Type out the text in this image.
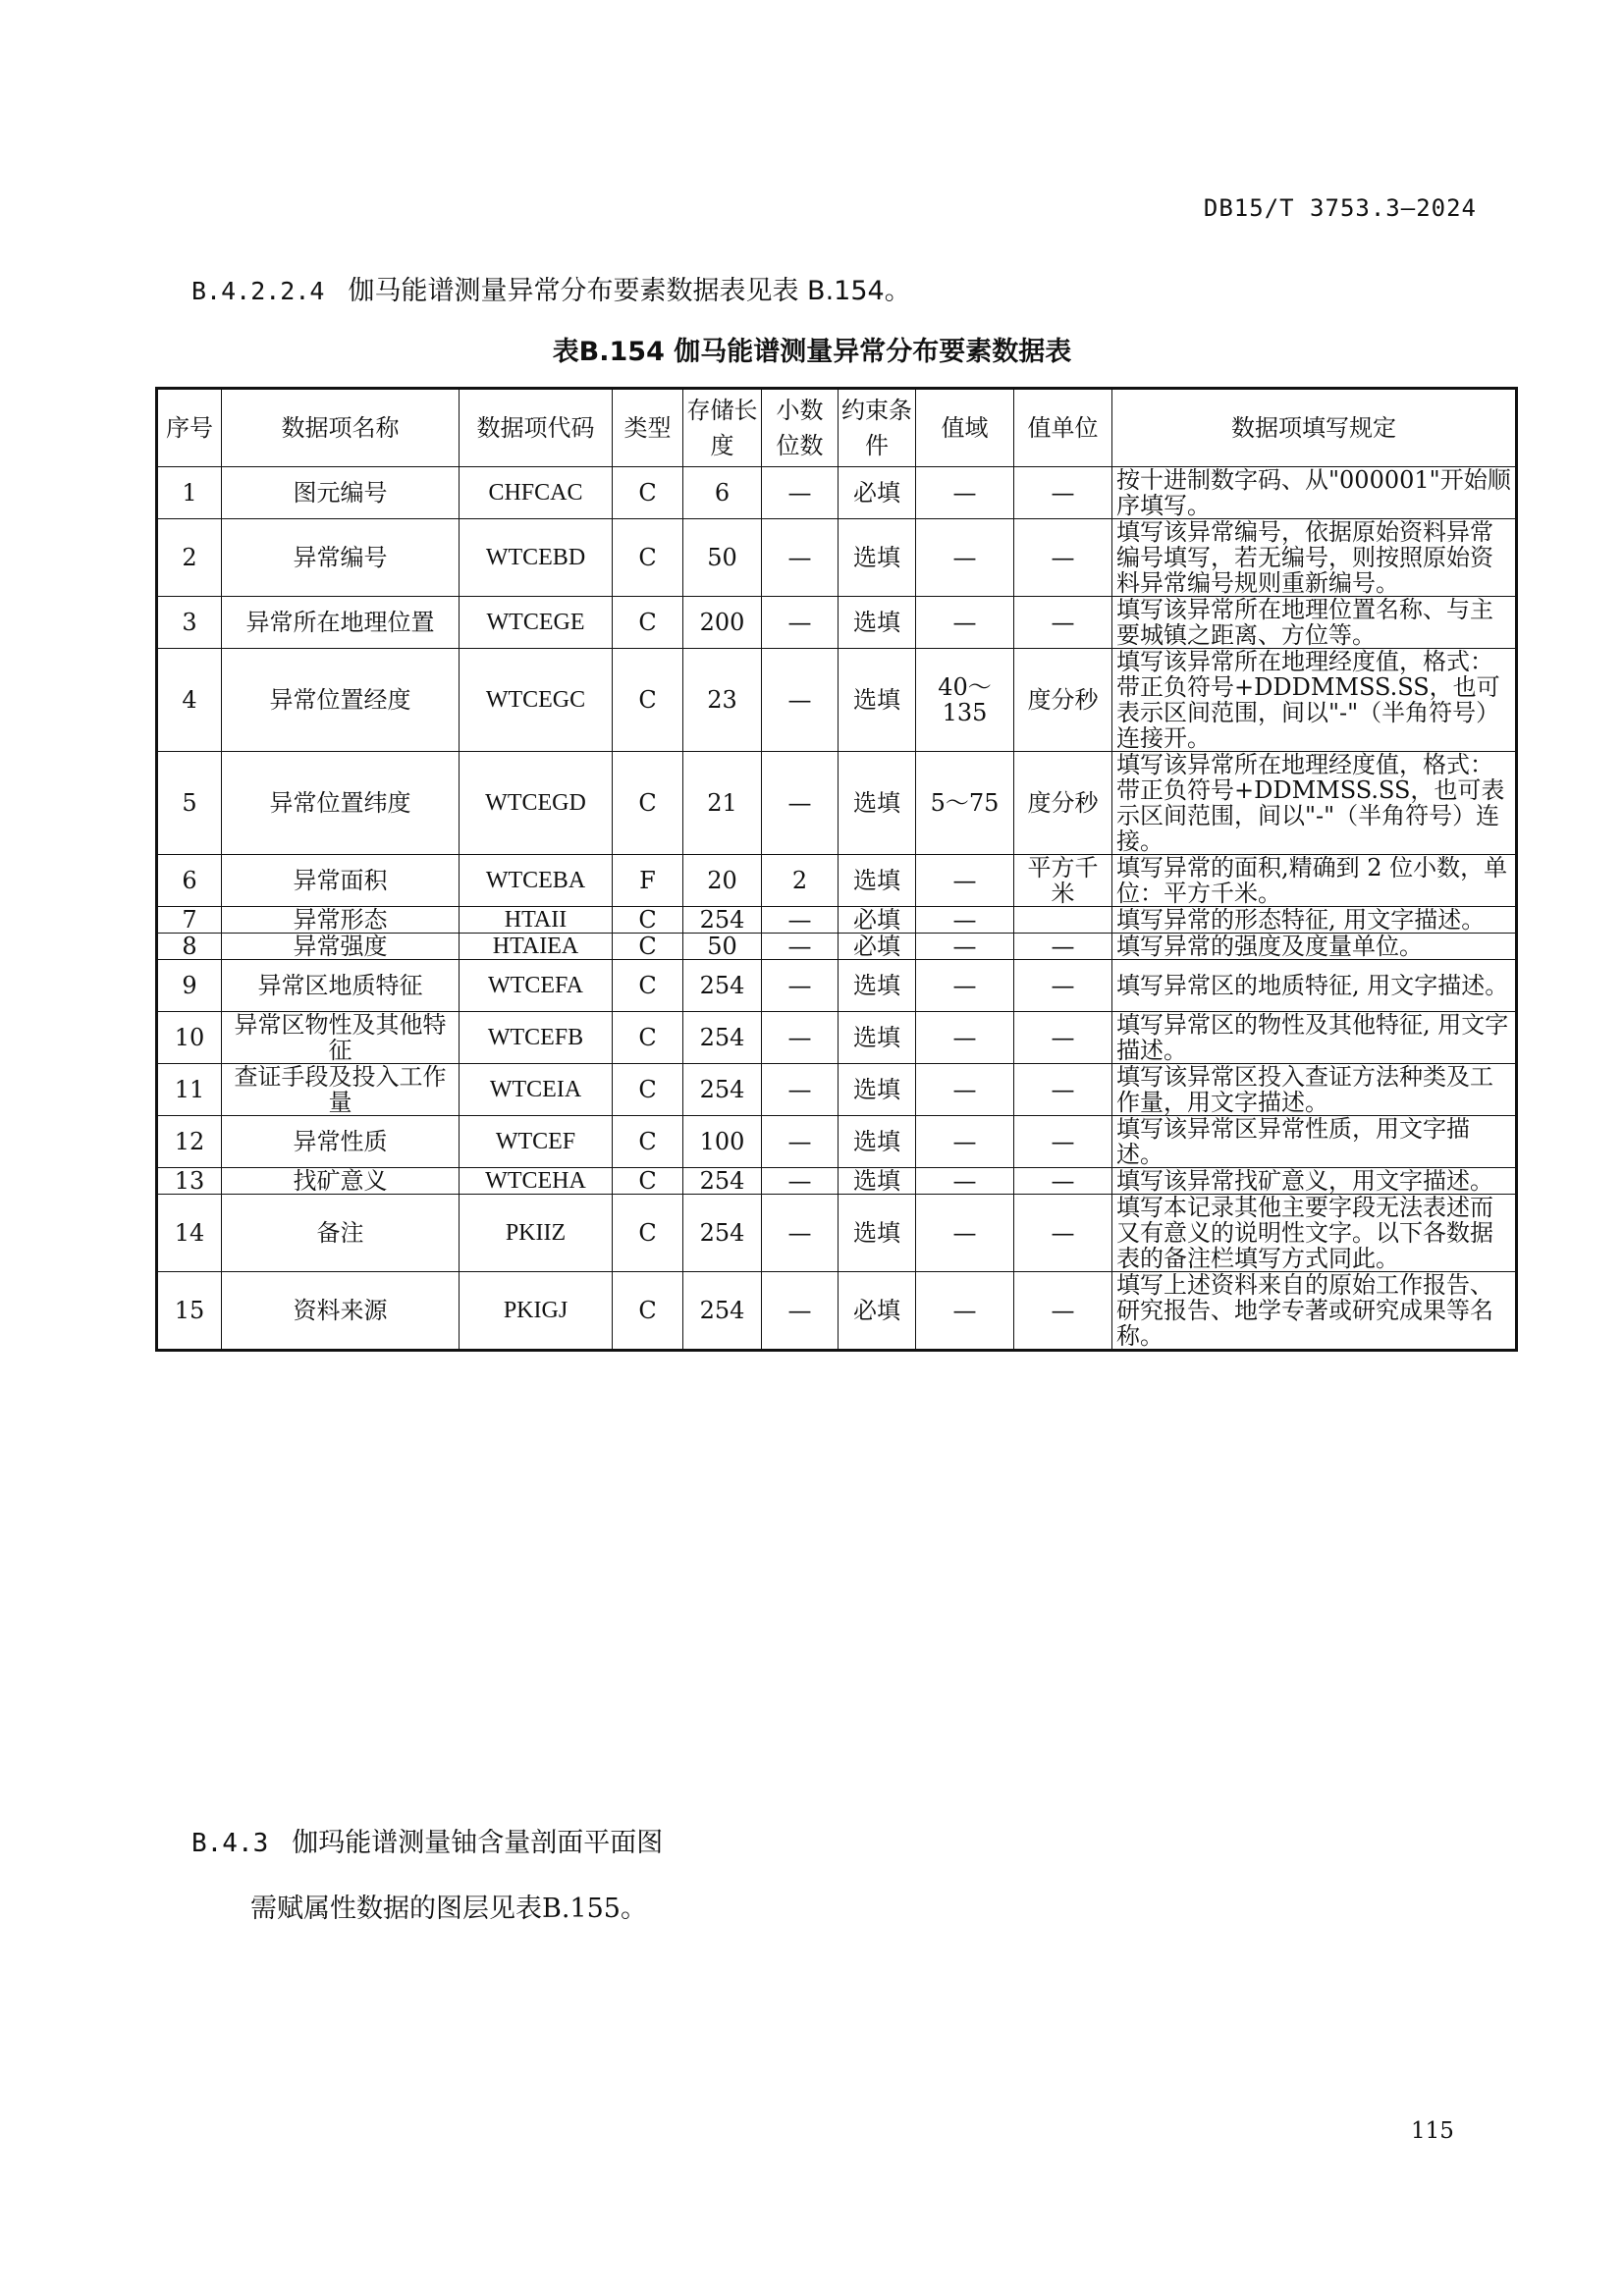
DB15/T 3753.3—2024
B.4.2.2.4 伽马能谱测量异常分布要素数据表见表 B.154。
表B.154 伽马能谱测量异常分布要素数据表
序号	数据项名称	数据项代码	类型	存储长度	小数位数	约束条件	值域	值单位	数据项填写规定
1	图元编号	CHFCAC	C	6	—	必填	—	—	按十进制数字码、从"000001"开始顺序填写。
2	异常编号	WTCEBD	C	50	—	选填	—	—	填写该异常编号，依据原始资料异常编号填写，若无编号，则按照原始资料异常编号规则重新编号。
3	异常所在地理位置	WTCEGE	C	200	—	选填	—	—	填写该异常所在地理位置名称、与主要城镇之距离、方位等。
4	异常位置经度	WTCEGC	C	23	—	选填	40～135	度分秒	填写该异常所在地理经度值，格式：带正负符号+DDDMMSS.SS，也可表示区间范围，间以"-"（半角符号）连接开。
5	异常位置纬度	WTCEGD	C	21	—	选填	5～75	度分秒	填写该异常所在地理经度值，格式：带正负符号+DDMMSS.SS，也可表示区间范围，间以"-"（半角符号）连接。
6	异常面积	WTCEBA	F	20	2	选填	—	平方千米	填写异常的面积,精确到 2 位小数，单位：平方千米。
7	异常形态	HTAII	C	254	—	必填	—		填写异常的形态特征, 用文字描述。
8	异常强度	HTAIEA	C	50	—	必填	—	—	填写异常的强度及度量单位。
9	异常区地质特征	WTCEFA	C	254	—	选填	—	—	填写异常区的地质特征, 用文字描述。
10	异常区物性及其他特征	WTCEFB	C	254	—	选填	—	—	填写异常区的物性及其他特征, 用文字描述。
11	查证手段及投入工作量	WTCEIA	C	254	—	选填	—	—	填写该异常区投入查证方法种类及工作量，用文字描述。
12	异常性质	WTCEF	C	100	—	选填	—	—	填写该异常区异常性质，用文字描述。
13	找矿意义	WTCEHA	C	254	—	选填	—	—	填写该异常找矿意义，用文字描述。
14	备注	PKIIZ	C	254	—	选填	—	—	填写本记录其他主要字段无法表述而又有意义的说明性文字。以下各数据表的备注栏填写方式同此。
15	资料来源	PKIGJ	C	254	—	必填	—	—	填写上述资料来自的原始工作报告、研究报告、地学专著或研究成果等名称。
B.4.3 伽玛能谱测量铀含量剖面平面图
需赋属性数据的图层见表B.155。
115
